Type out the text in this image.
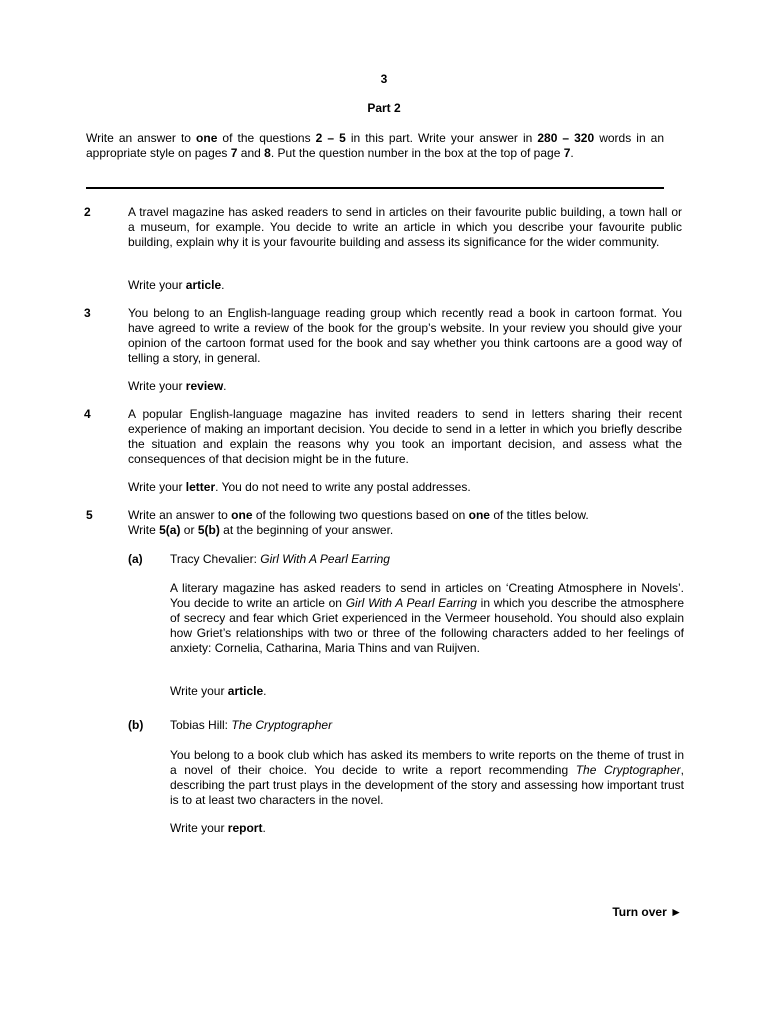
3
Part 2
Write an answer to one of the questions 2 – 5 in this part. Write your answer in 280 – 320 words in an appropriate style on pages 7 and 8. Put the question number in the box at the top of page 7.
2	A travel magazine has asked readers to send in articles on their favourite public building, a town hall or a museum, for example. You decide to write an article in which you describe your favourite public building, explain why it is your favourite building and assess its significance for the wider community.
Write your article.
3	You belong to an English-language reading group which recently read a book in cartoon format. You have agreed to write a review of the book for the group’s website. In your review you should give your opinion of the cartoon format used for the book and say whether you think cartoons are a good way of telling a story, in general.
Write your review.
4	A popular English-language magazine has invited readers to send in letters sharing their recent experience of making an important decision. You decide to send in a letter in which you briefly describe the situation and explain the reasons why you took an important decision, and assess what the consequences of that decision might be in the future.
Write your letter. You do not need to write any postal addresses.
5	Write an answer to one of the following two questions based on one of the titles below.
Write 5(a) or 5(b) at the beginning of your answer.
(a) Tracy Chevalier: Girl With A Pearl Earring
A literary magazine has asked readers to send in articles on ‘Creating Atmosphere in Novels’. You decide to write an article on Girl With A Pearl Earring in which you describe the atmosphere of secrecy and fear which Griet experienced in the Vermeer household. You should also explain how Griet’s relationships with two or three of the following characters added to her feelings of anxiety: Cornelia, Catharina, Maria Thins and van Ruijven.
Write your article.
(b) Tobias Hill: The Cryptographer
You belong to a book club which has asked its members to write reports on the theme of trust in a novel of their choice. You decide to write a report recommending The Cryptographer, describing the part trust plays in the development of the story and assessing how important trust is to at least two characters in the novel.
Write your report.
Turn over ►
